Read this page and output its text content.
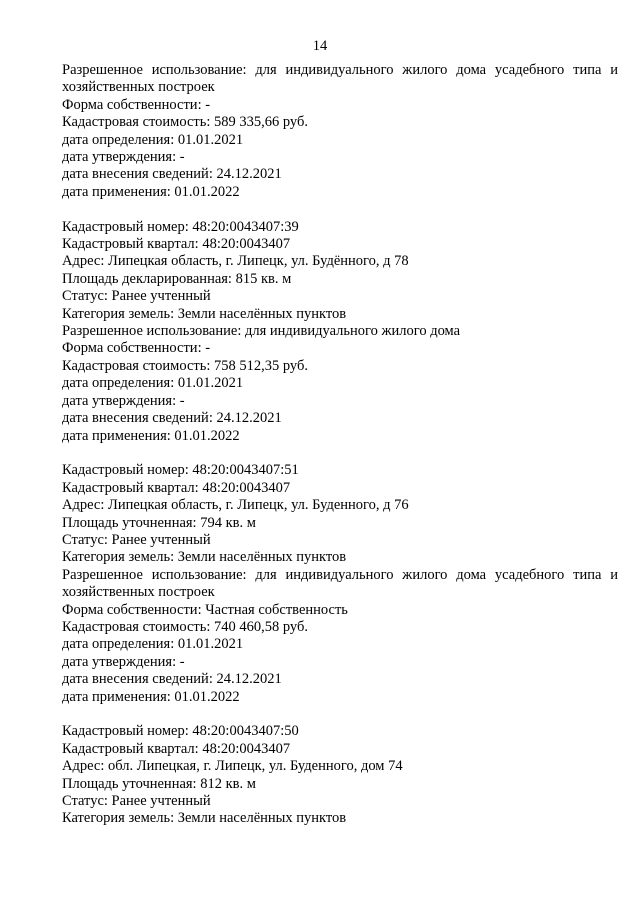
14
Разрешенное использование: для индивидуального жилого дома усадебного типа и
хозяйственных построек
Форма собственности: -
Кадастровая стоимость: 589 335,66 руб.
дата определения: 01.01.2021
дата утверждения: -
дата внесения сведений: 24.12.2021
дата применения: 01.01.2022
Кадастровый номер: 48:20:0043407:39
Кадастровый квартал: 48:20:0043407
Адрес: Липецкая область, г. Липецк, ул. Будённого, д 78
Площадь декларированная: 815 кв. м
Статус: Ранее учтенный
Категория земель: Земли населённых пунктов
Разрешенное использование: для индивидуального жилого дома
Форма собственности: -
Кадастровая стоимость: 758 512,35 руб.
дата определения: 01.01.2021
дата утверждения: -
дата внесения сведений: 24.12.2021
дата применения: 01.01.2022
Кадастровый номер: 48:20:0043407:51
Кадастровый квартал: 48:20:0043407
Адрес: Липецкая область, г. Липецк, ул. Буденного, д 76
Площадь уточненная: 794 кв. м
Статус: Ранее учтенный
Категория земель: Земли населённых пунктов
Разрешенное использование: для индивидуального жилого дома усадебного типа и
хозяйственных построек
Форма собственности: Частная собственность
Кадастровая стоимость: 740 460,58 руб.
дата определения: 01.01.2021
дата утверждения: -
дата внесения сведений: 24.12.2021
дата применения: 01.01.2022
Кадастровый номер: 48:20:0043407:50
Кадастровый квартал: 48:20:0043407
Адрес: обл. Липецкая, г. Липецк, ул. Буденного, дом 74
Площадь уточненная: 812 кв. м
Статус: Ранее учтенный
Категория земель: Земли населённых пунктов
